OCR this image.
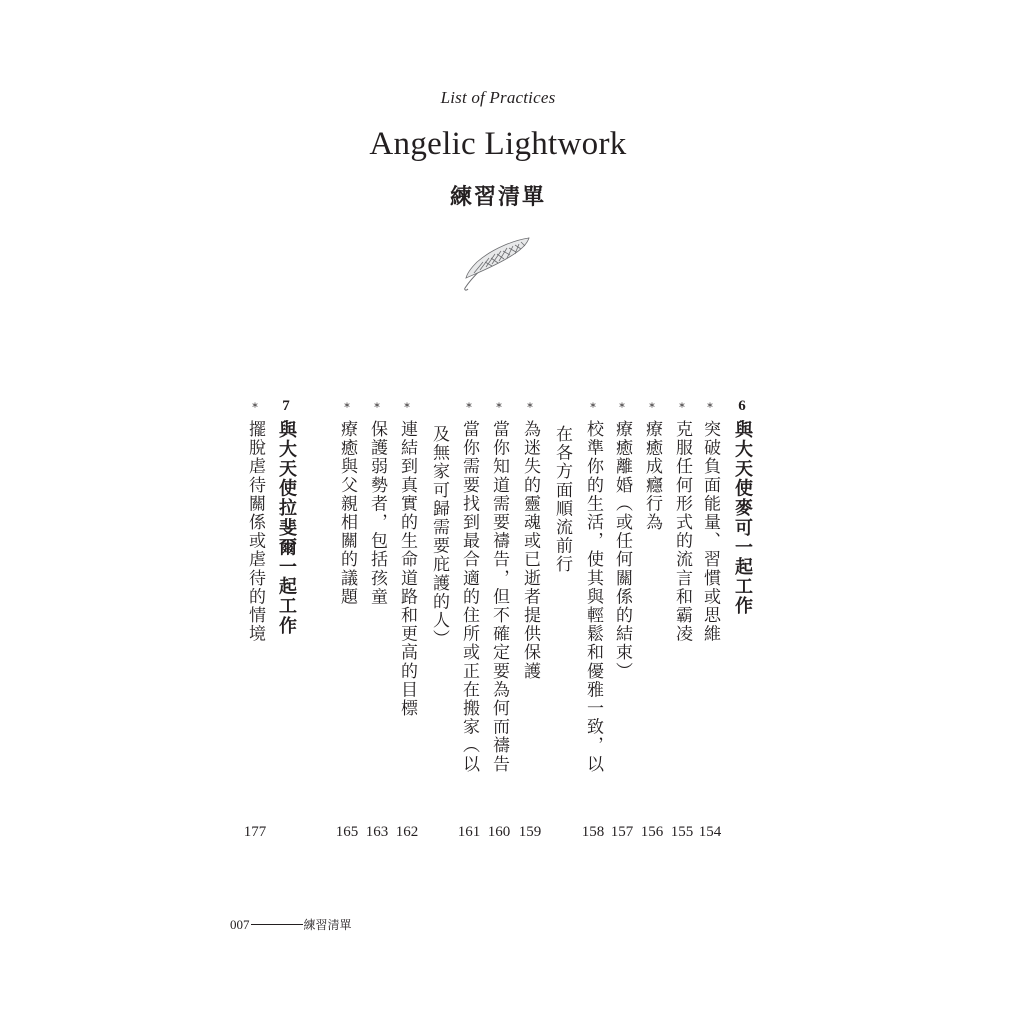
List of Practices
Angelic Lightwork
練習清單
6
與大天使麥可一起工作
*
突破負面能量、習慣或思維
154
*
克服任何形式的流言和霸凌
155
*
療癒成癮行為
156
*
療癒離婚（或任何關係的結束）
157
*
校準你的生活，使其與輕鬆和優雅一致，以
158
在各方面順流前行
*
為迷失的靈魂或已逝者提供保護
159
*
當你知道需要禱告，但不確定要為何而禱告
160
*
當你需要找到最合適的住所或正在搬家（以
161
及無家可歸需要庇護的人）
*
連結到真實的生命道路和更高的目標
162
*
保護弱勢者，包括孩童
163
*
療癒與父親相關的議題
165
7
與大天使拉斐爾一起工作
*
擺脫虐待關係或虐待的情境
177
007	練習清單
